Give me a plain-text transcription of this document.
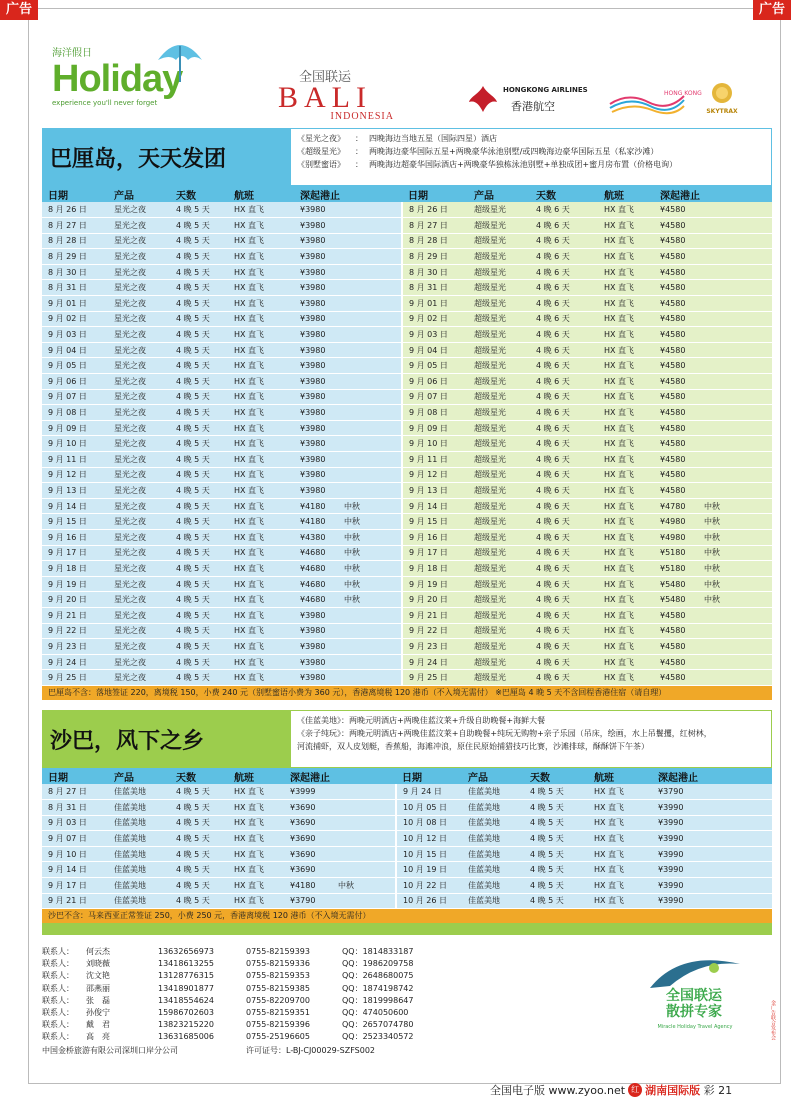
广告	广告
海洋假日
Holiday
experience you'll never forget
全国联运
BALI
INDONESIA
HONGKONG AIRLINES
香港航空
HONG KONG
SKYTRAX
巴厘岛，天天发团
《星光之夜》	： 四晚海边当地五星（国际四星）酒店
《超级星光》	： 两晚海边豪华国际五星+两晚豪华泳池别墅/或四晚海边豪华国际五星（私家沙滩）
《别墅蜜语》	： 两晚海边超豪华国际酒店+两晚豪华独栋泳池别墅+单独成团+蜜月房布置（价格电询）
日期	产品	天数	航班	深起港止		日期	产品	天数	航班	深起港止	
8 月 26 日	星光之夜	4 晚 5 天	HX 直飞	¥3980		8 月 26 日	超级星光	4 晚 6 天	HX 直飞	¥4580	
8 月 27 日	星光之夜	4 晚 5 天	HX 直飞	¥3980		8 月 27 日	超级星光	4 晚 6 天	HX 直飞	¥4580	
8 月 28 日	星光之夜	4 晚 5 天	HX 直飞	¥3980		8 月 28 日	超级星光	4 晚 6 天	HX 直飞	¥4580	
8 月 29 日	星光之夜	4 晚 5 天	HX 直飞	¥3980		8 月 29 日	超级星光	4 晚 6 天	HX 直飞	¥4580	
8 月 30 日	星光之夜	4 晚 5 天	HX 直飞	¥3980		8 月 30 日	超级星光	4 晚 6 天	HX 直飞	¥4580	
8 月 31 日	星光之夜	4 晚 5 天	HX 直飞	¥3980		8 月 31 日	超级星光	4 晚 6 天	HX 直飞	¥4580	
9 月 01 日	星光之夜	4 晚 5 天	HX 直飞	¥3980		9 月 01 日	超级星光	4 晚 6 天	HX 直飞	¥4580	
9 月 02 日	星光之夜	4 晚 5 天	HX 直飞	¥3980		9 月 02 日	超级星光	4 晚 6 天	HX 直飞	¥4580	
9 月 03 日	星光之夜	4 晚 5 天	HX 直飞	¥3980		9 月 03 日	超级星光	4 晚 6 天	HX 直飞	¥4580	
9 月 04 日	星光之夜	4 晚 5 天	HX 直飞	¥3980		9 月 04 日	超级星光	4 晚 6 天	HX 直飞	¥4580	
9 月 05 日	星光之夜	4 晚 5 天	HX 直飞	¥3980		9 月 05 日	超级星光	4 晚 6 天	HX 直飞	¥4580	
9 月 06 日	星光之夜	4 晚 5 天	HX 直飞	¥3980		9 月 06 日	超级星光	4 晚 6 天	HX 直飞	¥4580	
9 月 07 日	星光之夜	4 晚 5 天	HX 直飞	¥3980		9 月 07 日	超级星光	4 晚 6 天	HX 直飞	¥4580	
9 月 08 日	星光之夜	4 晚 5 天	HX 直飞	¥3980		9 月 08 日	超级星光	4 晚 6 天	HX 直飞	¥4580	
9 月 09 日	星光之夜	4 晚 5 天	HX 直飞	¥3980		9 月 09 日	超级星光	4 晚 6 天	HX 直飞	¥4580	
9 月 10 日	星光之夜	4 晚 5 天	HX 直飞	¥3980		9 月 10 日	超级星光	4 晚 6 天	HX 直飞	¥4580	
9 月 11 日	星光之夜	4 晚 5 天	HX 直飞	¥3980		9 月 11 日	超级星光	4 晚 6 天	HX 直飞	¥4580	
9 月 12 日	星光之夜	4 晚 5 天	HX 直飞	¥3980		9 月 12 日	超级星光	4 晚 6 天	HX 直飞	¥4580	
9 月 13 日	星光之夜	4 晚 5 天	HX 直飞	¥3980		9 月 13 日	超级星光	4 晚 6 天	HX 直飞	¥4580	
9 月 14 日	星光之夜	4 晚 5 天	HX 直飞	¥4180	中秋	9 月 14 日	超级星光	4 晚 6 天	HX 直飞	¥4780	中秋
9 月 15 日	星光之夜	4 晚 5 天	HX 直飞	¥4180	中秋	9 月 15 日	超级星光	4 晚 6 天	HX 直飞	¥4980	中秋
9 月 16 日	星光之夜	4 晚 5 天	HX 直飞	¥4380	中秋	9 月 16 日	超级星光	4 晚 6 天	HX 直飞	¥4980	中秋
9 月 17 日	星光之夜	4 晚 5 天	HX 直飞	¥4680	中秋	9 月 17 日	超级星光	4 晚 6 天	HX 直飞	¥5180	中秋
9 月 18 日	星光之夜	4 晚 5 天	HX 直飞	¥4680	中秋	9 月 18 日	超级星光	4 晚 6 天	HX 直飞	¥5180	中秋
9 月 19 日	星光之夜	4 晚 5 天	HX 直飞	¥4680	中秋	9 月 19 日	超级星光	4 晚 6 天	HX 直飞	¥5480	中秋
9 月 20 日	星光之夜	4 晚 5 天	HX 直飞	¥4680	中秋	9 月 20 日	超级星光	4 晚 6 天	HX 直飞	¥5480	中秋
9 月 21 日	星光之夜	4 晚 5 天	HX 直飞	¥3980		9 月 21 日	超级星光	4 晚 6 天	HX 直飞	¥4580	
9 月 22 日	星光之夜	4 晚 5 天	HX 直飞	¥3980		9 月 22 日	超级星光	4 晚 6 天	HX 直飞	¥4580	
9 月 23 日	星光之夜	4 晚 5 天	HX 直飞	¥3980		9 月 23 日	超级星光	4 晚 6 天	HX 直飞	¥4580	
9 月 24 日	星光之夜	4 晚 5 天	HX 直飞	¥3980		9 月 24 日	超级星光	4 晚 6 天	HX 直飞	¥4580	
9 月 25 日	星光之夜	4 晚 5 天	HX 直飞	¥3980		9 月 25 日	超级星光	4 晚 6 天	HX 直飞	¥4580	
巴厘岛不含：落地签证 220，离境税 150，小费 240 元（别墅蜜语小费为 360 元），香港离境税 120 港币（不入境无需付） ※巴厘岛 4 晚 5 天不含回程香港住宿（请自理）
沙巴，风下之乡
《佳蓝美地》：两晚元明酒店+两晚佳蓝汶莱+升级自助晚餐+海鲜大餐
《亲子纯玩》：两晚元明酒店+两晚佳蓝汶莱+自助晚餐+纯玩无购物+亲子乐园（吊床，绘画，水上吊鬟攫，红树林，
河流捕虾，双人皮划艇，香蕉船，海滩冲浪，原住民原始捕猎技巧比赛，沙滩排球，酥酥饼下午茶）
日期	产品	天数	航班	深起港止		日期	产品	天数	航班	深起港止
8 月 27 日	佳蓝美地	4 晚 5 天	HX 直飞	¥3999		9 月 24 日	佳蓝美地	4 晚 5 天	HX 直飞	¥3790
8 月 31 日	佳蓝美地	4 晚 5 天	HX 直飞	¥3690		10 月 05 日	佳蓝美地	4 晚 5 天	HX 直飞	¥3990
9 月 03 日	佳蓝美地	4 晚 5 天	HX 直飞	¥3690		10 月 08 日	佳蓝美地	4 晚 5 天	HX 直飞	¥3990
9 月 07 日	佳蓝美地	4 晚 5 天	HX 直飞	¥3690		10 月 12 日	佳蓝美地	4 晚 5 天	HX 直飞	¥3990
9 月 10 日	佳蓝美地	4 晚 5 天	HX 直飞	¥3690		10 月 15 日	佳蓝美地	4 晚 5 天	HX 直飞	¥3990
9 月 14 日	佳蓝美地	4 晚 5 天	HX 直飞	¥3690		10 月 19 日	佳蓝美地	4 晚 5 天	HX 直飞	¥3990
9 月 17 日	佳蓝美地	4 晚 5 天	HX 直飞	¥4180	中秋	10 月 22 日	佳蓝美地	4 晚 5 天	HX 直飞	¥3990
9 月 21 日	佳蓝美地	4 晚 5 天	HX 直飞	¥3790		10 月 26 日	佳蓝美地	4 晚 5 天	HX 直飞	¥3990
沙巴不含：马来西亚正常签证 250，小费 250 元，香港离境税 120 港币（不入境无需付）
联系人：	何云杰	13632656973	0755-82159393	QQ：1814833187
联系人：	刘晓薇	13418613255	0755-82159336	QQ：1986209758
联系人：	沈文艳	13128776315	0755-82159353	QQ：2648680075
联系人：	邵燕丽	13418901877	0755-82159385	QQ：1874198742
联系人：	张　磊	13418554624	0755-82209700	QQ：1819998647
联系人：	孙俊宁	15986702603	0755-82159351	QQ：474050600
联系人：	戴　君	13823215220	0755-82159396	QQ：2657074780
联系人：	高　亮	13631685006	0755-25196605	QQ：2523340572
中国金桥旅游有限公司深圳口岸分公司	许可证号：L-BJ-CJ00029-SZFS002
全国联运
散拼专家
Miracle Holiday Travel Agency	金广告联合发布会
全国电子版 www.zyoo.net 红 湖南国际版
彩 21
